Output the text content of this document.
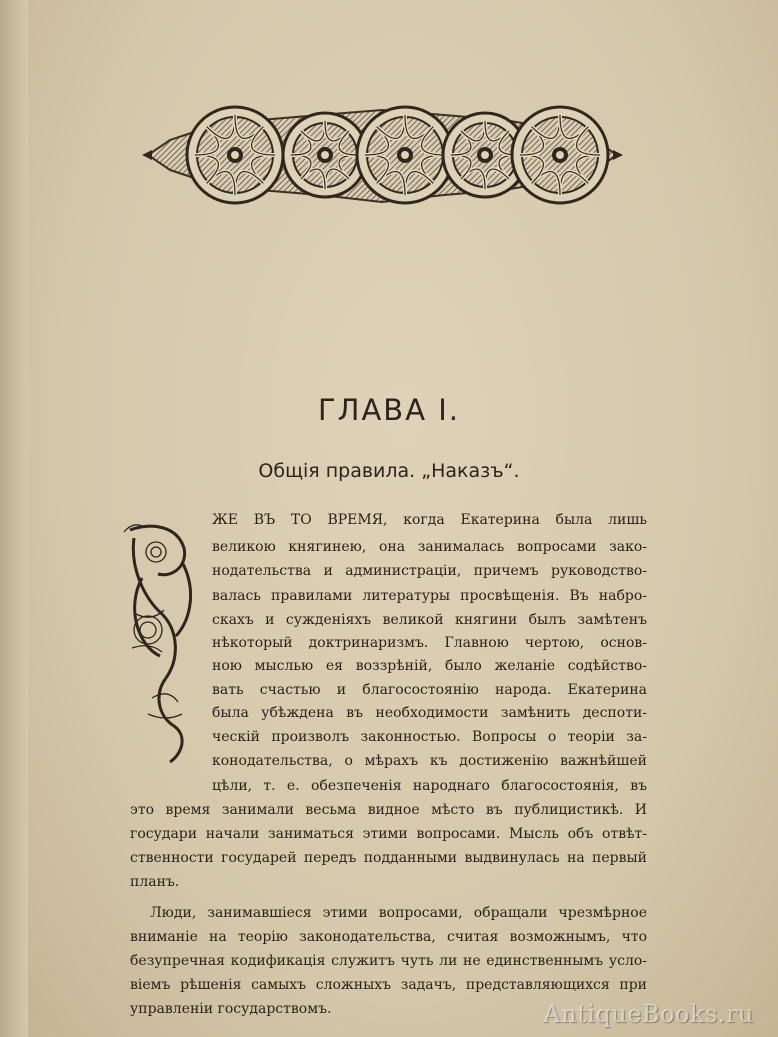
ГЛАВА I.
Общія правила. „Наказъ“.
ЖЕ ВЪ ТО ВРЕМЯ, когда Екатерина была лишь
великою княгинею, она занималась вопросами зако-
нодательства и администраціи, причемъ руководство-
валась правилами литературы просвѣщенія. Въ набро-
скахъ и сужденіяхъ великой княгини былъ замѣтенъ
нѣкоторый доктринаризмъ. Главною чертою, основ-
ною мыслью ея воззрѣній, было желаніе содѣйство-
вать счастью и благосостоянію народа. Екатерина
была убѣждена въ необходимости замѣнить деспоти-
ческій произволъ законностью. Вопросы о теоріи за-
конодательства, о мѣрахъ къ достиженію важнѣйшей
цѣли, т. е. обезпеченія народнаго благосостоянія, въ
это время занимали весьма видное мѣсто въ публицистикѣ. И
государи начали заниматься этими вопросами. Мысль объ отвѣт-
ственности государей передъ подданными выдвинулась на первый
планъ.
Люди, занимавшіеся этими вопросами, обращали чрезмѣрное
вниманіе на теорію законодательства, считая возможнымъ, что
безупречная кодификація служитъ чуть ли не единственнымъ усло-
віемъ рѣшенія самыхъ сложныхъ задачъ, представляющихся при
управленіи государствомъ.	AntiqueBooks.ru
